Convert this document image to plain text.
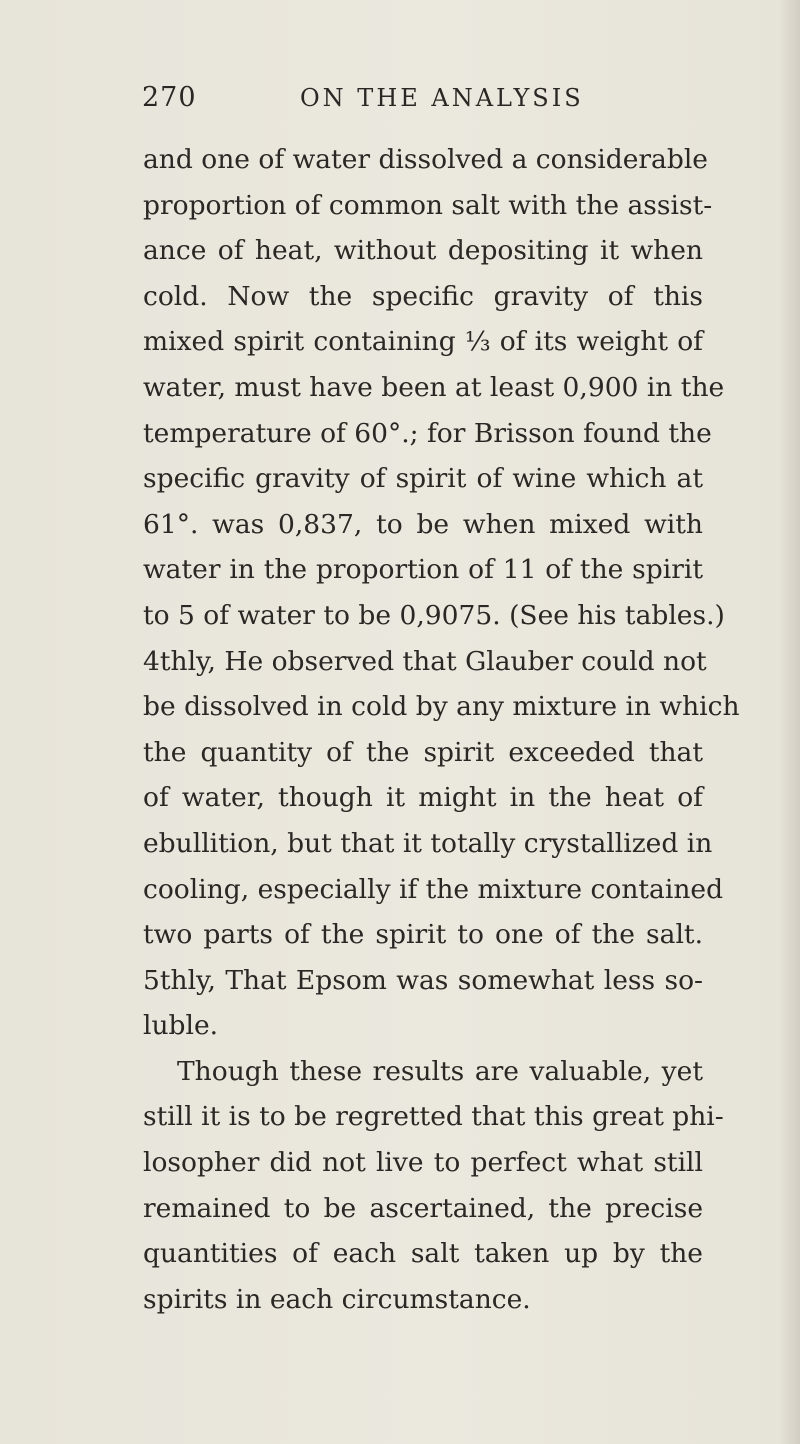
270	ON THE ANALYSIS
and one of water dissolved a considerable
proportion of common salt with the assist-
ance of heat, without depositing it when
cold. Now the specific gravity of this
mixed spirit containing ⅓ of its weight of
water, must have been at least 0,900 in the
temperature of 60°.; for Brisson found the
specific gravity of spirit of wine which at
61°. was 0,837, to be when mixed with
water in the proportion of 11 of the spirit
to 5 of water to be 0,9075. (See his tables.)
4thly, He observed that Glauber could not
be dissolved in cold by any mixture in which
the quantity of the spirit exceeded that
of water, though it might in the heat of
ebullition, but that it totally crystallized in
cooling, especially if the mixture contained
two parts of the spirit to one of the salt.
5thly, That Epsom was somewhat less so-
luble.
Though these results are valuable, yet
still it is to be regretted that this great phi-
losopher did not live to perfect what still
remained to be ascertained, the precise
quantities of each salt taken up by the
spirits in each circumstance.
